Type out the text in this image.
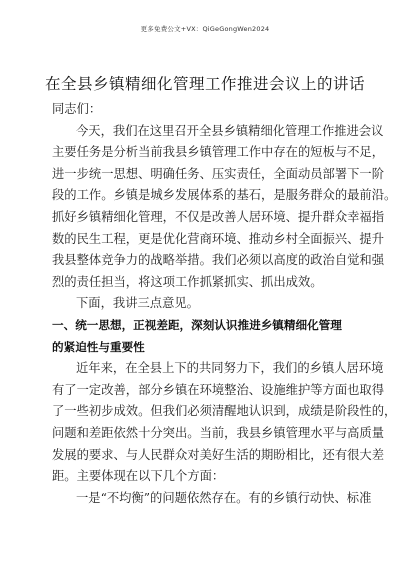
更多免费公文+VX：QiGeGongWen2024
在全县乡镇精细化管理工作推进会议上的讲话
同志们：
今天，我们在这里召开全县乡镇精细化管理工作推进会议
主要任务是分析当前我县乡镇管理工作中存在的短板与不足，
进一步统一思想、明确任务、压实责任，全面动员部署下一阶
段的工作。乡镇是城乡发展体系的基石，是服务群众的最前沿。
抓好乡镇精细化管理，不仅是改善人居环境、提升群众幸福指
数的民生工程，更是优化营商环境、推动乡村全面振兴、提升
我县整体竞争力的战略举措。我们必须以高度的政治自觉和强
烈的责任担当，将这项工作抓紧抓实、抓出成效。
下面，我讲三点意见。
一、统一思想，正视差距，深刻认识推进乡镇精细化管理
的紧迫性与重要性
近年来，在全县上下的共同努力下，我们的乡镇人居环境
有了一定改善，部分乡镇在环境整治、设施维护等方面也取得
了一些初步成效。但我们必须清醒地认识到，成绩是阶段性的，
问题和差距依然十分突出。当前，我县乡镇管理水平与高质量
发展的要求、与人民群众对美好生活的期盼相比，还有很大差
距。主要体现在以下几个方面：
一是“不均衡”的问题依然存在。有的乡镇行动快、标准
